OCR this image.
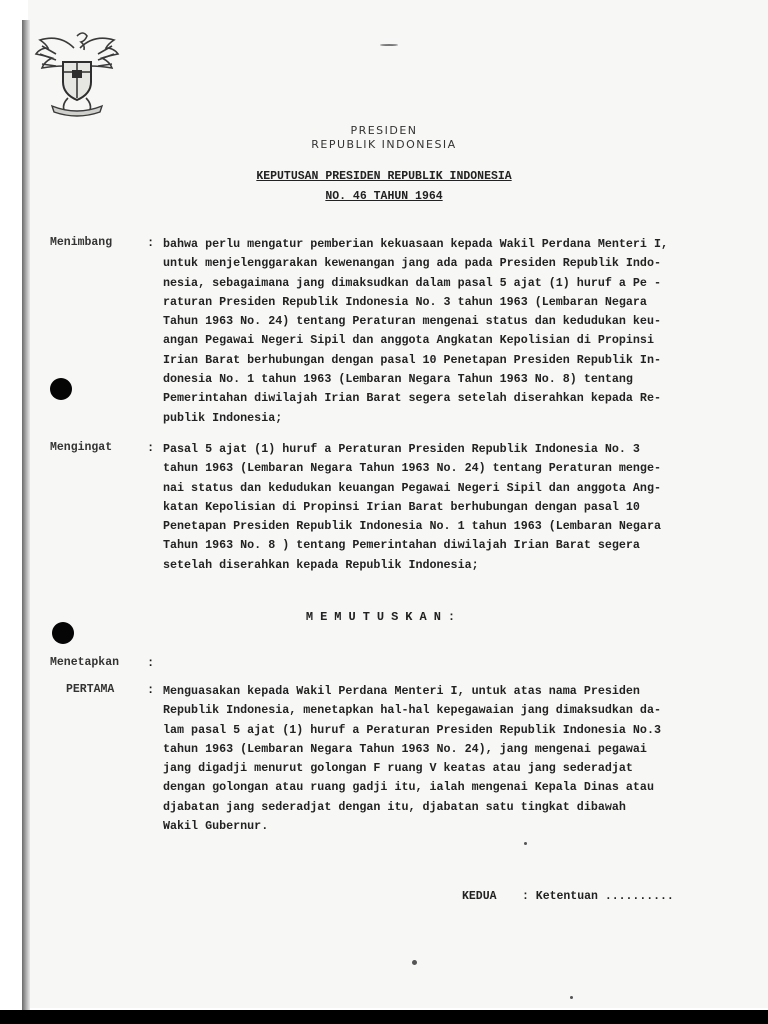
PRESIDEN
REPUBLIK INDONESIA
KEPUTUSAN PRESIDEN REPUBLIK INDONESIA
NO. 46 TAHUN 1964
Menimbang	: bahwa perlu mengatur pemberian kekuasaan kepada Wakil Perdana Menteri I,
untuk menjelenggarakan kewenangan jang ada pada Presiden Republik Indo-
nesia, sebagaimana jang dimaksudkan dalam pasal 5 ajat (1) huruf a Pe -
raturan Presiden Republik Indonesia No. 3 tahun 1963 (Lembaran Negara
Tahun 1963 No. 24) tentang Peraturan mengenai status dan kedudukan keu-
angan Pegawai Negeri Sipil dan anggota Angkatan Kepolisian di Propinsi
Irian Barat berhubungan dengan pasal 10 Penetapan Presiden Republik In-
donesia No. 1 tahun 1963 (Lembaran Negara Tahun 1963 No. 8) tentang
Pemerintahan diwilajah Irian Barat segera setelah diserahkan kepada Re-
publik Indonesia;
Mengingat	: Pasal 5 ajat (1) huruf a Peraturan Presiden Republik Indonesia No. 3
tahun 1963 (Lembaran Negara Tahun 1963 No. 24) tentang Peraturan menge-
nai status dan kedudukan keuangan Pegawai Negeri Sipil dan anggota Ang-
katan Kepolisian di Propinsi Irian Barat berhubungan dengan pasal 10
Penetapan Presiden Republik Indonesia No. 1 tahun 1963 (Lembaran Negara
Tahun 1963 No. 8 ) tentang Pemerintahan diwilajah Irian Barat segera
setelah diserahkan kepada Republik Indonesia;
MEMUTUSKAN:
Menetapkan :
PERTAMA	: Menguasakan kepada Wakil Perdana Menteri I, untuk atas nama Presiden
Republik Indonesia, menetapkan hal-hal kepegawaian jang dimaksudkan da-
lam pasal 5 ajat (1) huruf a Peraturan Presiden Republik Indonesia No.3
tahun 1963 (Lembaran Negara Tahun 1963 No. 24), jang mengenai pegawai
jang digadji menurut golongan F ruang V keatas atau jang sederadjat
dengan golongan atau ruang gadji itu, ialah mengenai Kepala Dinas atau
djabatan jang sederadjat dengan itu, djabatan satu tingkat dibawah
Wakil Gubernur.
KEDUA : Ketentuan ..........
